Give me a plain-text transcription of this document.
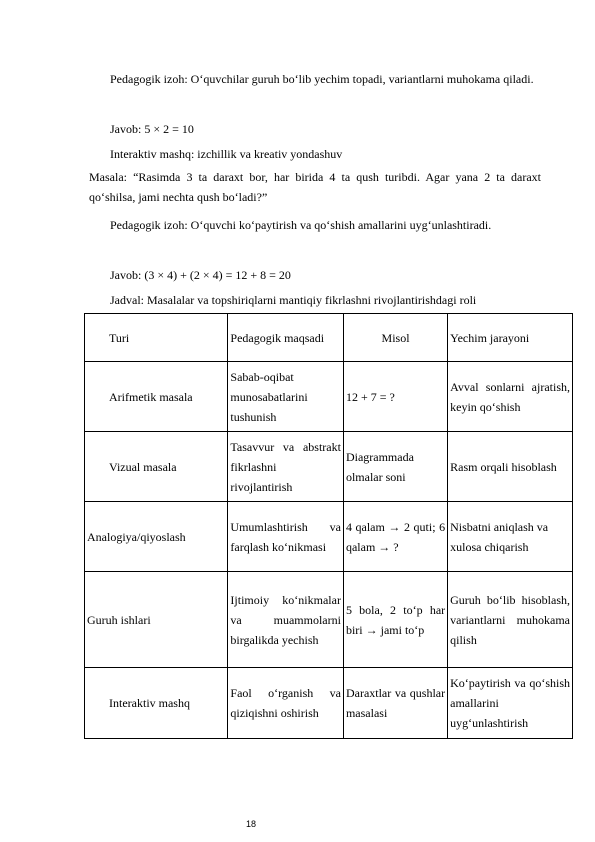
Pedagogik izoh: O‘quvchilar guruh bo‘lib yechim topadi, variantlarni muhokama qiladi.
Javob: 5 × 2 = 10
Interaktiv mashq: izchillik va kreativ yondashuv
Masala: “Rasimda 3 ta daraxt bor, har birida 4 ta qush turibdi. Agar yana 2 ta daraxt qo‘shilsa, jami nechta qush bo‘ladi?”
Pedagogik izoh: O‘quvchi ko‘paytirish va qo‘shish amallarini uyg‘unlashtiradi.
Javob: (3 × 4) + (2 × 4) = 12 + 8 = 20
Jadval: Masalalar va topshiriqlarni mantiqiy fikrlashni rivojlantirishdagi roli
Turi	Pedagogik maqsadi	Misol	Yechim jarayoni

Arifmetik masala	Sabab-oqibat munosabatlarini tushunish	12 + 7 = ?	Avval sonlarni ajratish, keyin qo‘shish

Vizual masala	Tasavvur va abstrakt fikrlashni rivojlantirish	Diagrammada olmalar soni	Rasm orqali hisoblash
Analogiya/qiyoslash	Umumlashtirish va farqlash ko‘nikmasi	4 qalam → 2 quti; 6 qalam → ?	Nisbatni aniqlash va xulosa chiqarish
Guruh ishlari	Ijtimoiy ko‘nikmalar va muammolarni birgalikda yechish	5 bola, 2 to‘p har biri → jami to‘p	Guruh bo‘lib hisoblash, variantlarni muhokama qilish

Interaktiv mashq	Faol o‘rganish va qiziqishni oshirish	Daraxtlar va qushlar masalasi	Ko‘paytirish va qo‘shish amallarini uyg‘unlashtirish
18
